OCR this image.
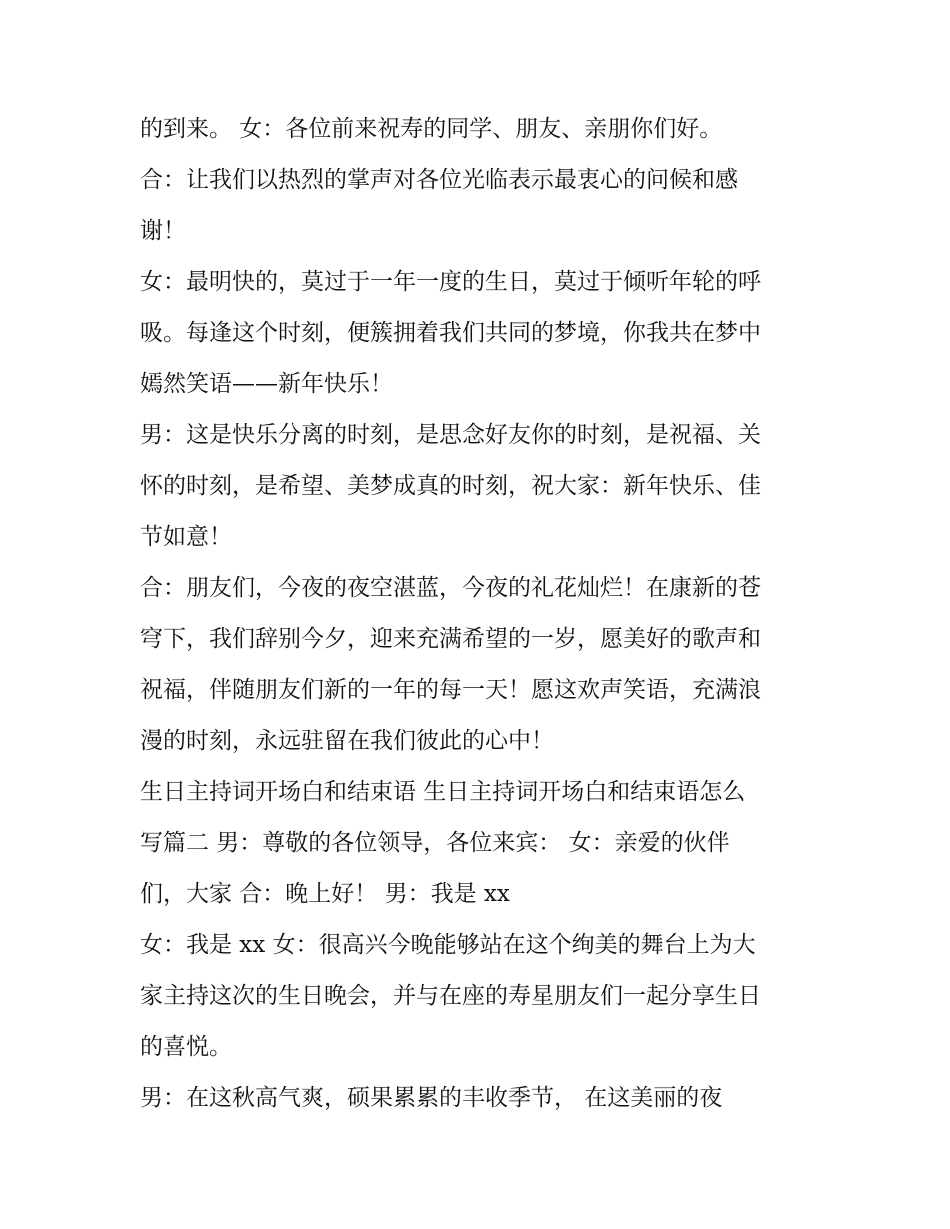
的到来。 女：各位前来祝寿的同学、朋友、亲朋你们好。
合：让我们以热烈的掌声对各位光临表示最衷心的问候和感
谢！
女：最明快的，莫过于一年一度的生日，莫过于倾听年轮的呼
吸。每逢这个时刻，便簇拥着我们共同的梦境，你我共在梦中
嫣然笑语——新年快乐！
男：这是快乐分离的时刻，是思念好友你的时刻，是祝福、关
怀的时刻，是希望、美梦成真的时刻，祝大家：新年快乐、佳
节如意！
合：朋友们，今夜的夜空湛蓝，今夜的礼花灿烂！在康新的苍
穹下，我们辞别今夕，迎来充满希望的一岁，愿美好的歌声和
祝福，伴随朋友们新的一年的每一天！愿这欢声笑语，充满浪
漫的时刻，永远驻留在我们彼此的心中！
生日主持词开场白和结束语 生日主持词开场白和结束语怎么
写篇二 男：尊敬的各位领导，各位来宾： 女：亲爱的伙伴
们，大家 合：晚上好！ 男：我是 xx
女：我是 xx 女：很高兴今晚能够站在这个绚美的舞台上为大
家主持这次的生日晚会，并与在座的寿星朋友们一起分享生日
的喜悦。
男：在这秋高气爽，硕果累累的丰收季节， 在这美丽的夜
